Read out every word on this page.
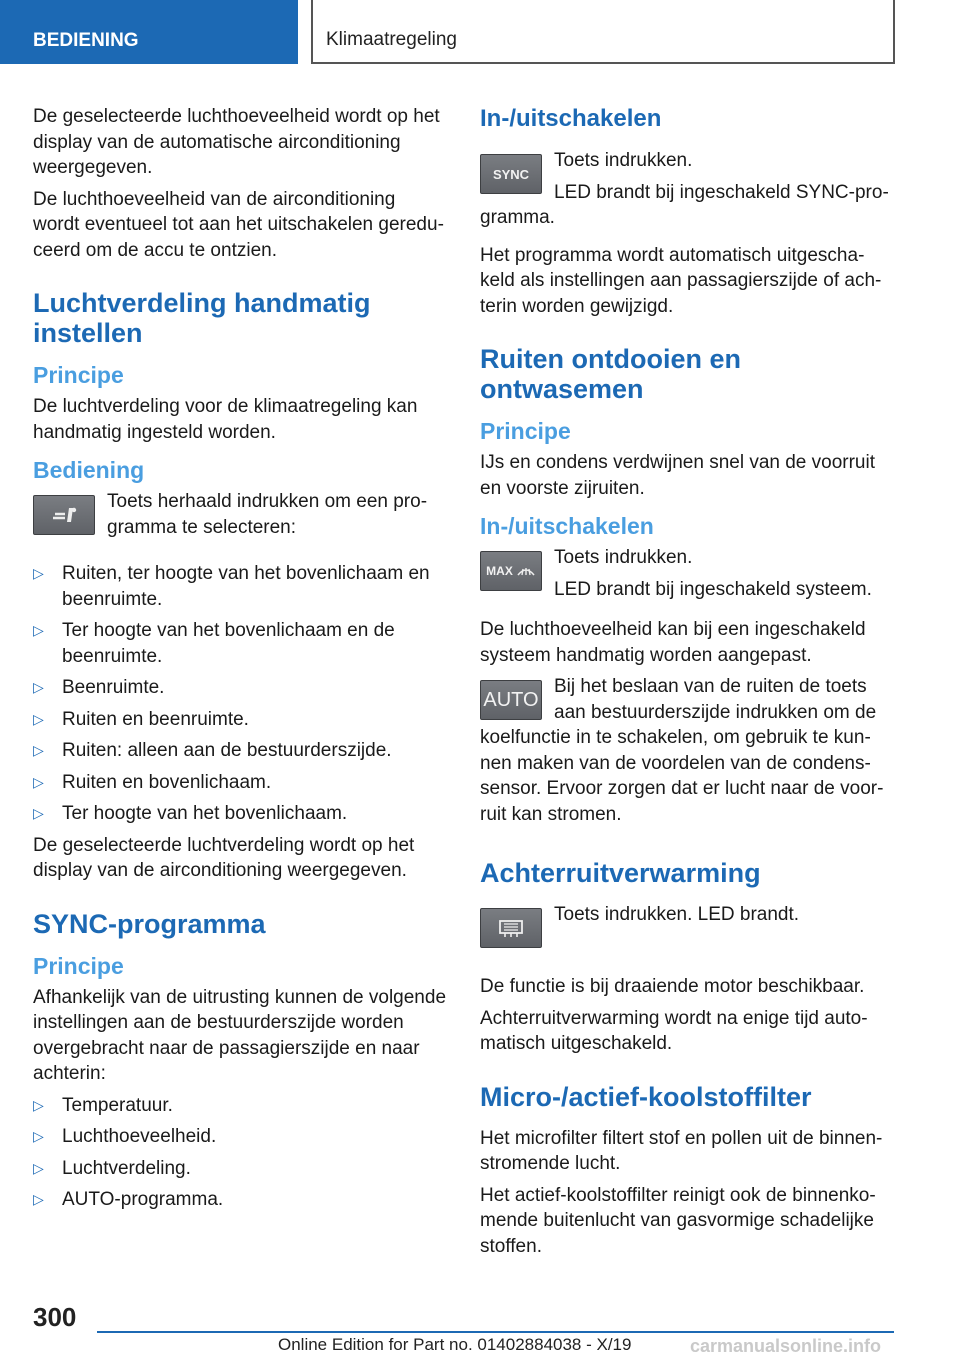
BEDIENING	Klimaatregeling

De geselecteerde luchthoeveelheid wordt op het display van de automatische airconditioning weergegeven.

De luchthoeveelheid van de airconditioning wordt eventueel tot aan het uitschakelen gereduceerd om de accu te ontzien.

Luchtverdeling handmatig instellen
Principe

De luchtverdeling voor de klimaatregeling kan handmatig ingesteld worden.

Bediening

Toets herhaald indrukken om een programma te selecteren:

▷ Ruiten, ter hoogte van het bovenlichaam en beenruimte.
▷ Ter hoogte van het bovenlichaam en de beenruimte.
▷ Beenruimte.
▷ Ruiten en beenruimte.
▷ Ruiten: alleen aan de bestuurderszijde.
▷ Ruiten en bovenlichaam.
▷ Ter hoogte van het bovenlichaam.

De geselecteerde luchtverdeling wordt op het display van de airconditioning weergegeven.

SYNC-programma
Principe

Afhankelijk van de uitrusting kunnen de volgende instellingen aan de bestuurderszijde worden overgebracht naar de passagierszijde en naar achterin:

▷ Temperatuur.
▷ Luchthoeveelheid.
▷ Luchtverdeling.
▷ AUTO-programma.
In-/uitschakelen
SYNC

Toets indrukken.

LED brandt bij ingeschakeld SYNC-programma.

Het programma wordt automatisch uitgeschakeld als instellingen aan passagierszijde of achterin worden gewijzigd.

Ruiten ontdooien en ontwasemen
Principe

IJs en condens verdwijnen snel van de voorruit en voorste zijruiten.

In-/uitschakelen
MAX

Toets indrukken.

LED brandt bij ingeschakeld systeem.

De luchthoeveelheid kan bij een ingeschakeld systeem handmatig worden aangepast.

AUTO

Bij het beslaan van de ruiten de toets aan bestuurderszijde indrukken om de koelfunctie in te schakelen, om gebruik te kunnen maken van de voordelen van de condenssensor. Ervoor zorgen dat er lucht naar de voorruit kan stromen.

Achterruitverwarming

Toets indrukken. LED brandt.

De functie is bij draaiende motor beschikbaar.

Achterruitverwarming wordt na enige tijd automatisch uitgeschakeld.

Micro-/actief-koolstoffilter

Het microfilter filtert stof en pollen uit de binnenstromende lucht.

Het actief-koolstoffilter reinigt ook de binnenkomende buitenlucht van gasvormige schadelijke stoffen.

300
Online Edition for Part no. 01402884038 - X/19	carmanualsonline.info
